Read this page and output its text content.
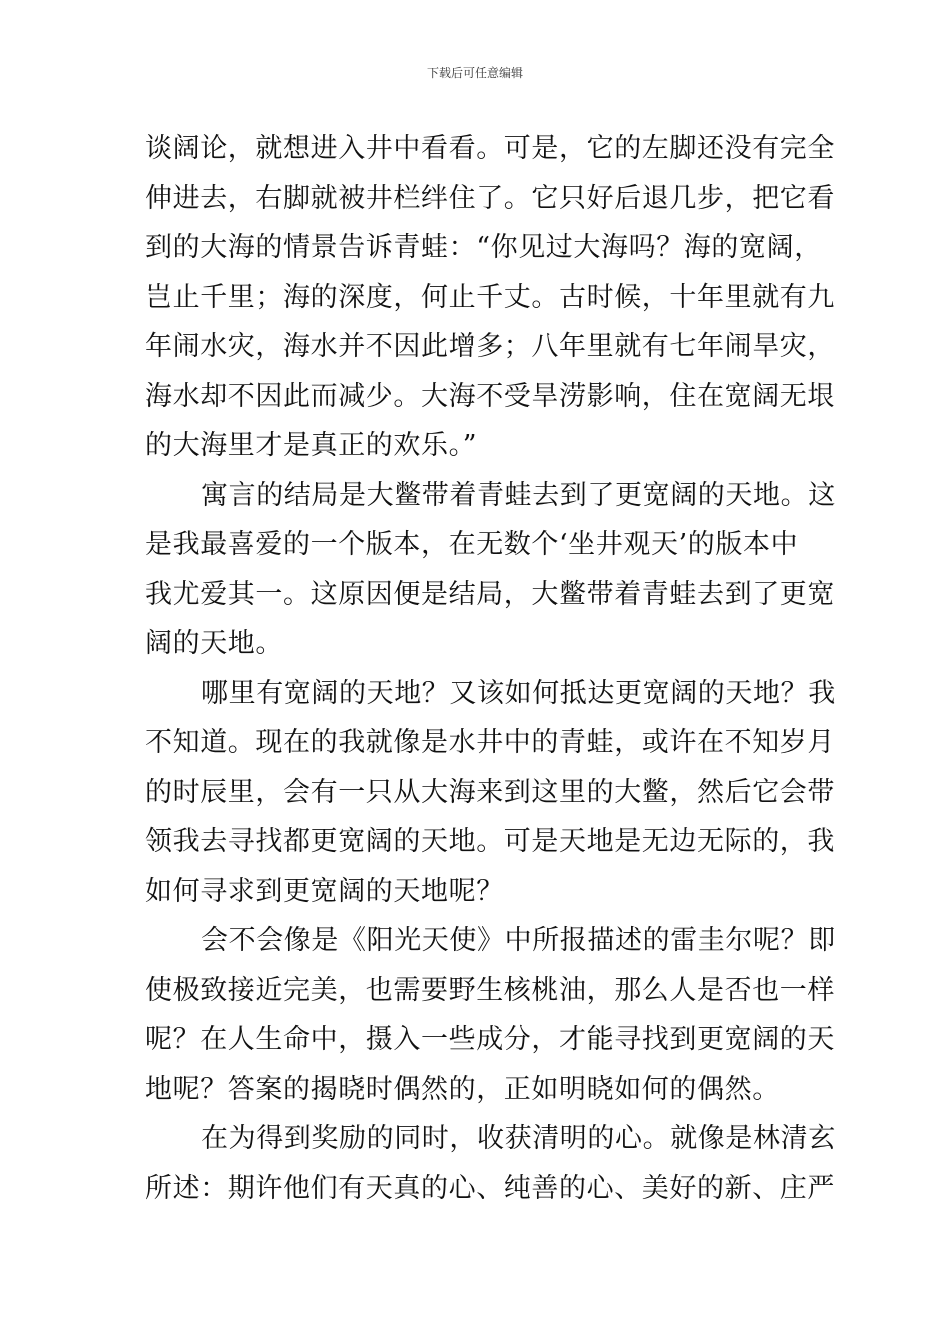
下载后可任意编辑
谈阔论，就想进入井中看看。可是，它的左脚还没有完全
伸进去，右脚就被井栏绊住了。它只好后退几步，把它看
到的大海的情景告诉青蛙：“你见过大海吗？海的宽阔，
岂止千里；海的深度，何止千丈。古时候，十年里就有九
年闹水灾，海水并不因此增多；八年里就有七年闹旱灾，
海水却不因此而减少。大海不受旱涝影响，住在宽阔无垠
的大海里才是真正的欢乐。”
寓言的结局是大鳖带着青蛙去到了更宽阔的天地。这
是我最喜爱的一个版本，在无数个‘坐井观天’的版本中
我尤爱其一。这原因便是结局，大鳖带着青蛙去到了更宽
阔的天地。
哪里有宽阔的天地？又该如何抵达更宽阔的天地？我
不知道。现在的我就像是水井中的青蛙，或许在不知岁月
的时辰里，会有一只从大海来到这里的大鳖，然后它会带
领我去寻找都更宽阔的天地。可是天地是无边无际的，我
如何寻求到更宽阔的天地呢？
会不会像是《阳光天使》中所报描述的雷圭尔呢？即
使极致接近完美，也需要野生核桃油，那么人是否也一样
呢？在人生命中，摄入一些成分，才能寻找到更宽阔的天
地呢？答案的揭晓时偶然的，正如明晓如何的偶然。
在为得到奖励的同时，收获清明的心。就像是林清玄
所述：期许他们有天真的心、纯善的心、美好的新、庄严
